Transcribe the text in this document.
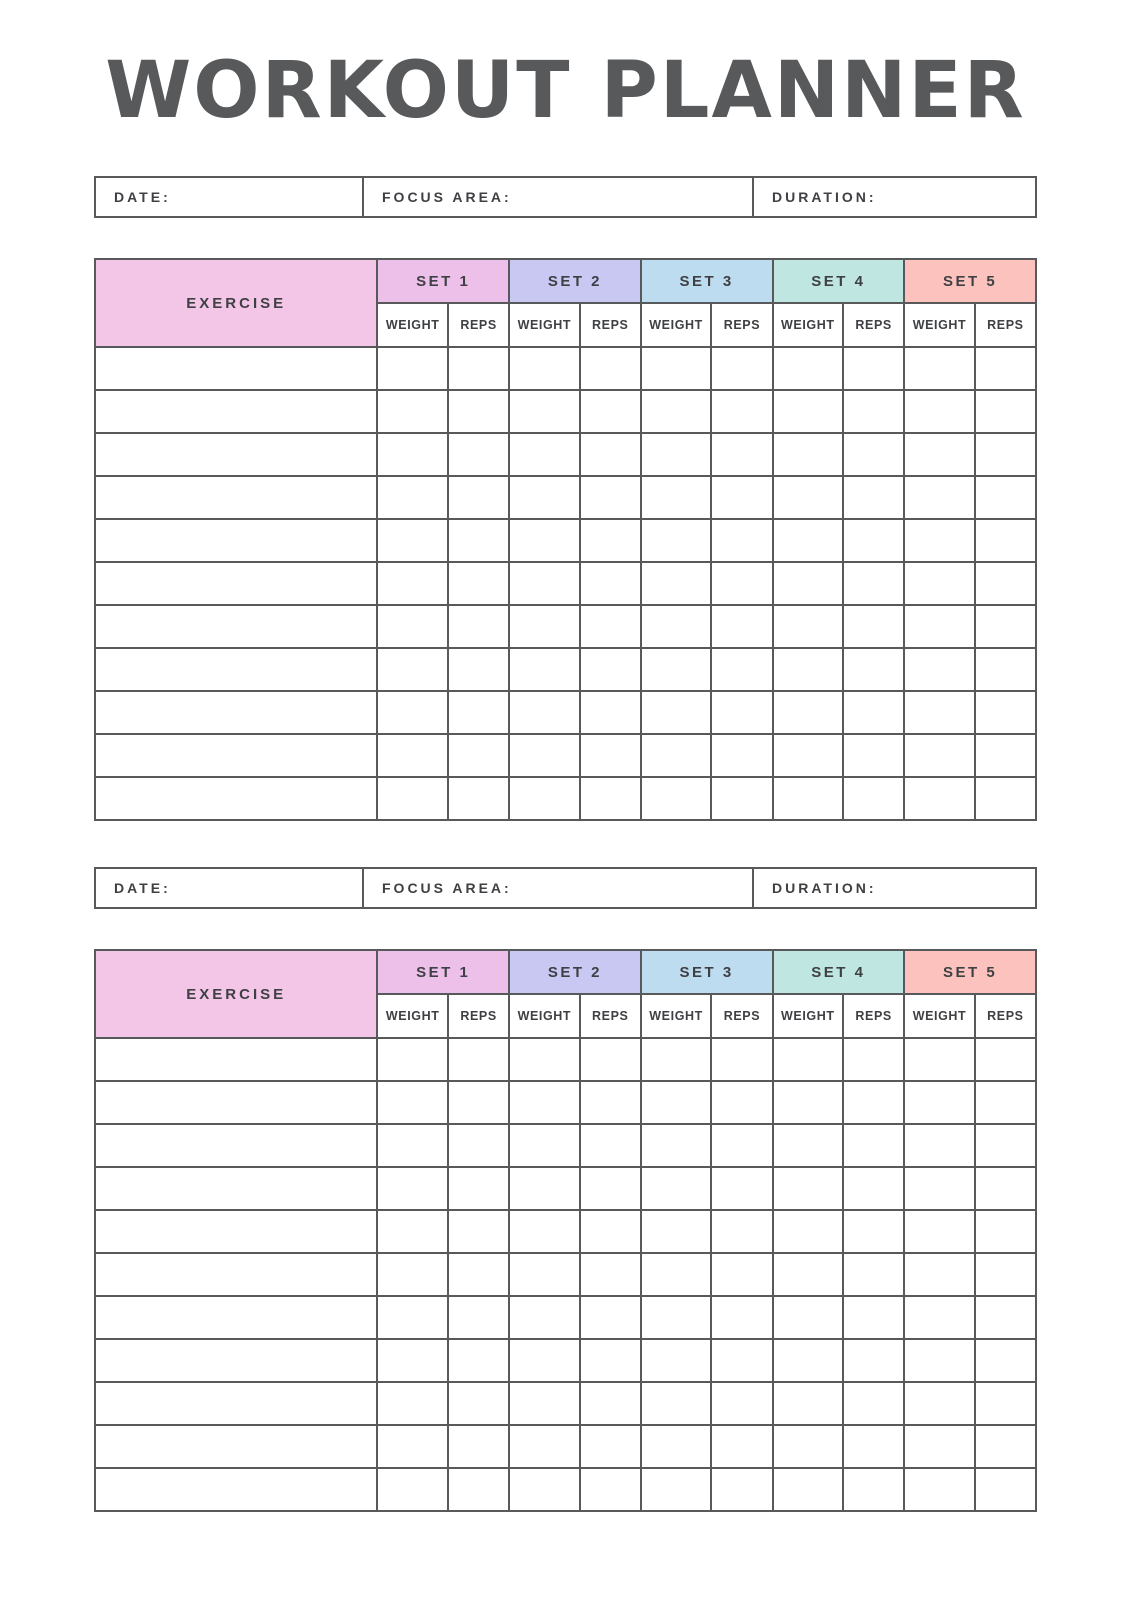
WORKOUT PLANNER
DATE:	FOCUS AREA:	DURATION:
EXERCISE	SET 1		SET 2		SET 3		SET 4		SET 5	
	WEIGHT	REPS	WEIGHT	REPS	WEIGHT	REPS	WEIGHT	REPS	WEIGHT	REPS

DATE:	FOCUS AREA:	DURATION:
EXERCISE	SET 1		SET 2		SET 3		SET 4		SET 5	
	WEIGHT	REPS	WEIGHT	REPS	WEIGHT	REPS	WEIGHT	REPS	WEIGHT	REPS
